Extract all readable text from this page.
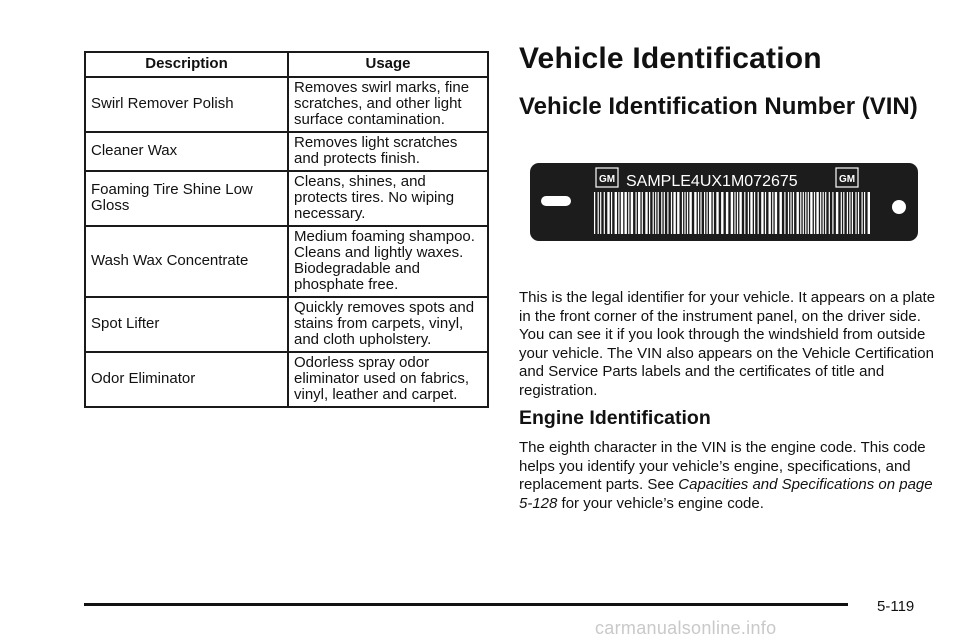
Description	Usage
Swirl Remover Polish	Removes swirl marks, fine scratches, and other light surface contamination.
Cleaner Wax	Removes light scratches and protects finish.
Foaming Tire Shine Low Gloss	Cleans, shines, and protects tires. No wiping necessary.
Wash Wax Concentrate	Medium foaming shampoo. Cleans and lightly waxes. Biodegradable and phosphate free.
Spot Lifter	Quickly removes spots and stains from carpets, vinyl, and cloth upholstery.
Odor Eliminator	Odorless spray odor eliminator used on fabrics, vinyl, leather and carpet.
Vehicle Identification
Vehicle Identification Number (VIN)
GM	GM
SAMPLE4UX1M072675

This is the legal identifier for your vehicle. It appears on a plate in the front corner of the instrument panel, on the driver side. You can see it if you look through the windshield from outside your vehicle. The VIN also appears on the Vehicle Certification and Service Parts labels and the certificates of title and registration.

Engine Identification

The eighth character in the VIN is the engine code. This code helps you identify your vehicle’s engine, specifications, and replacement parts. See Capacities and Specifications on page 5-128 for your vehicle’s engine code.

5-119
carmanualsonline.info
